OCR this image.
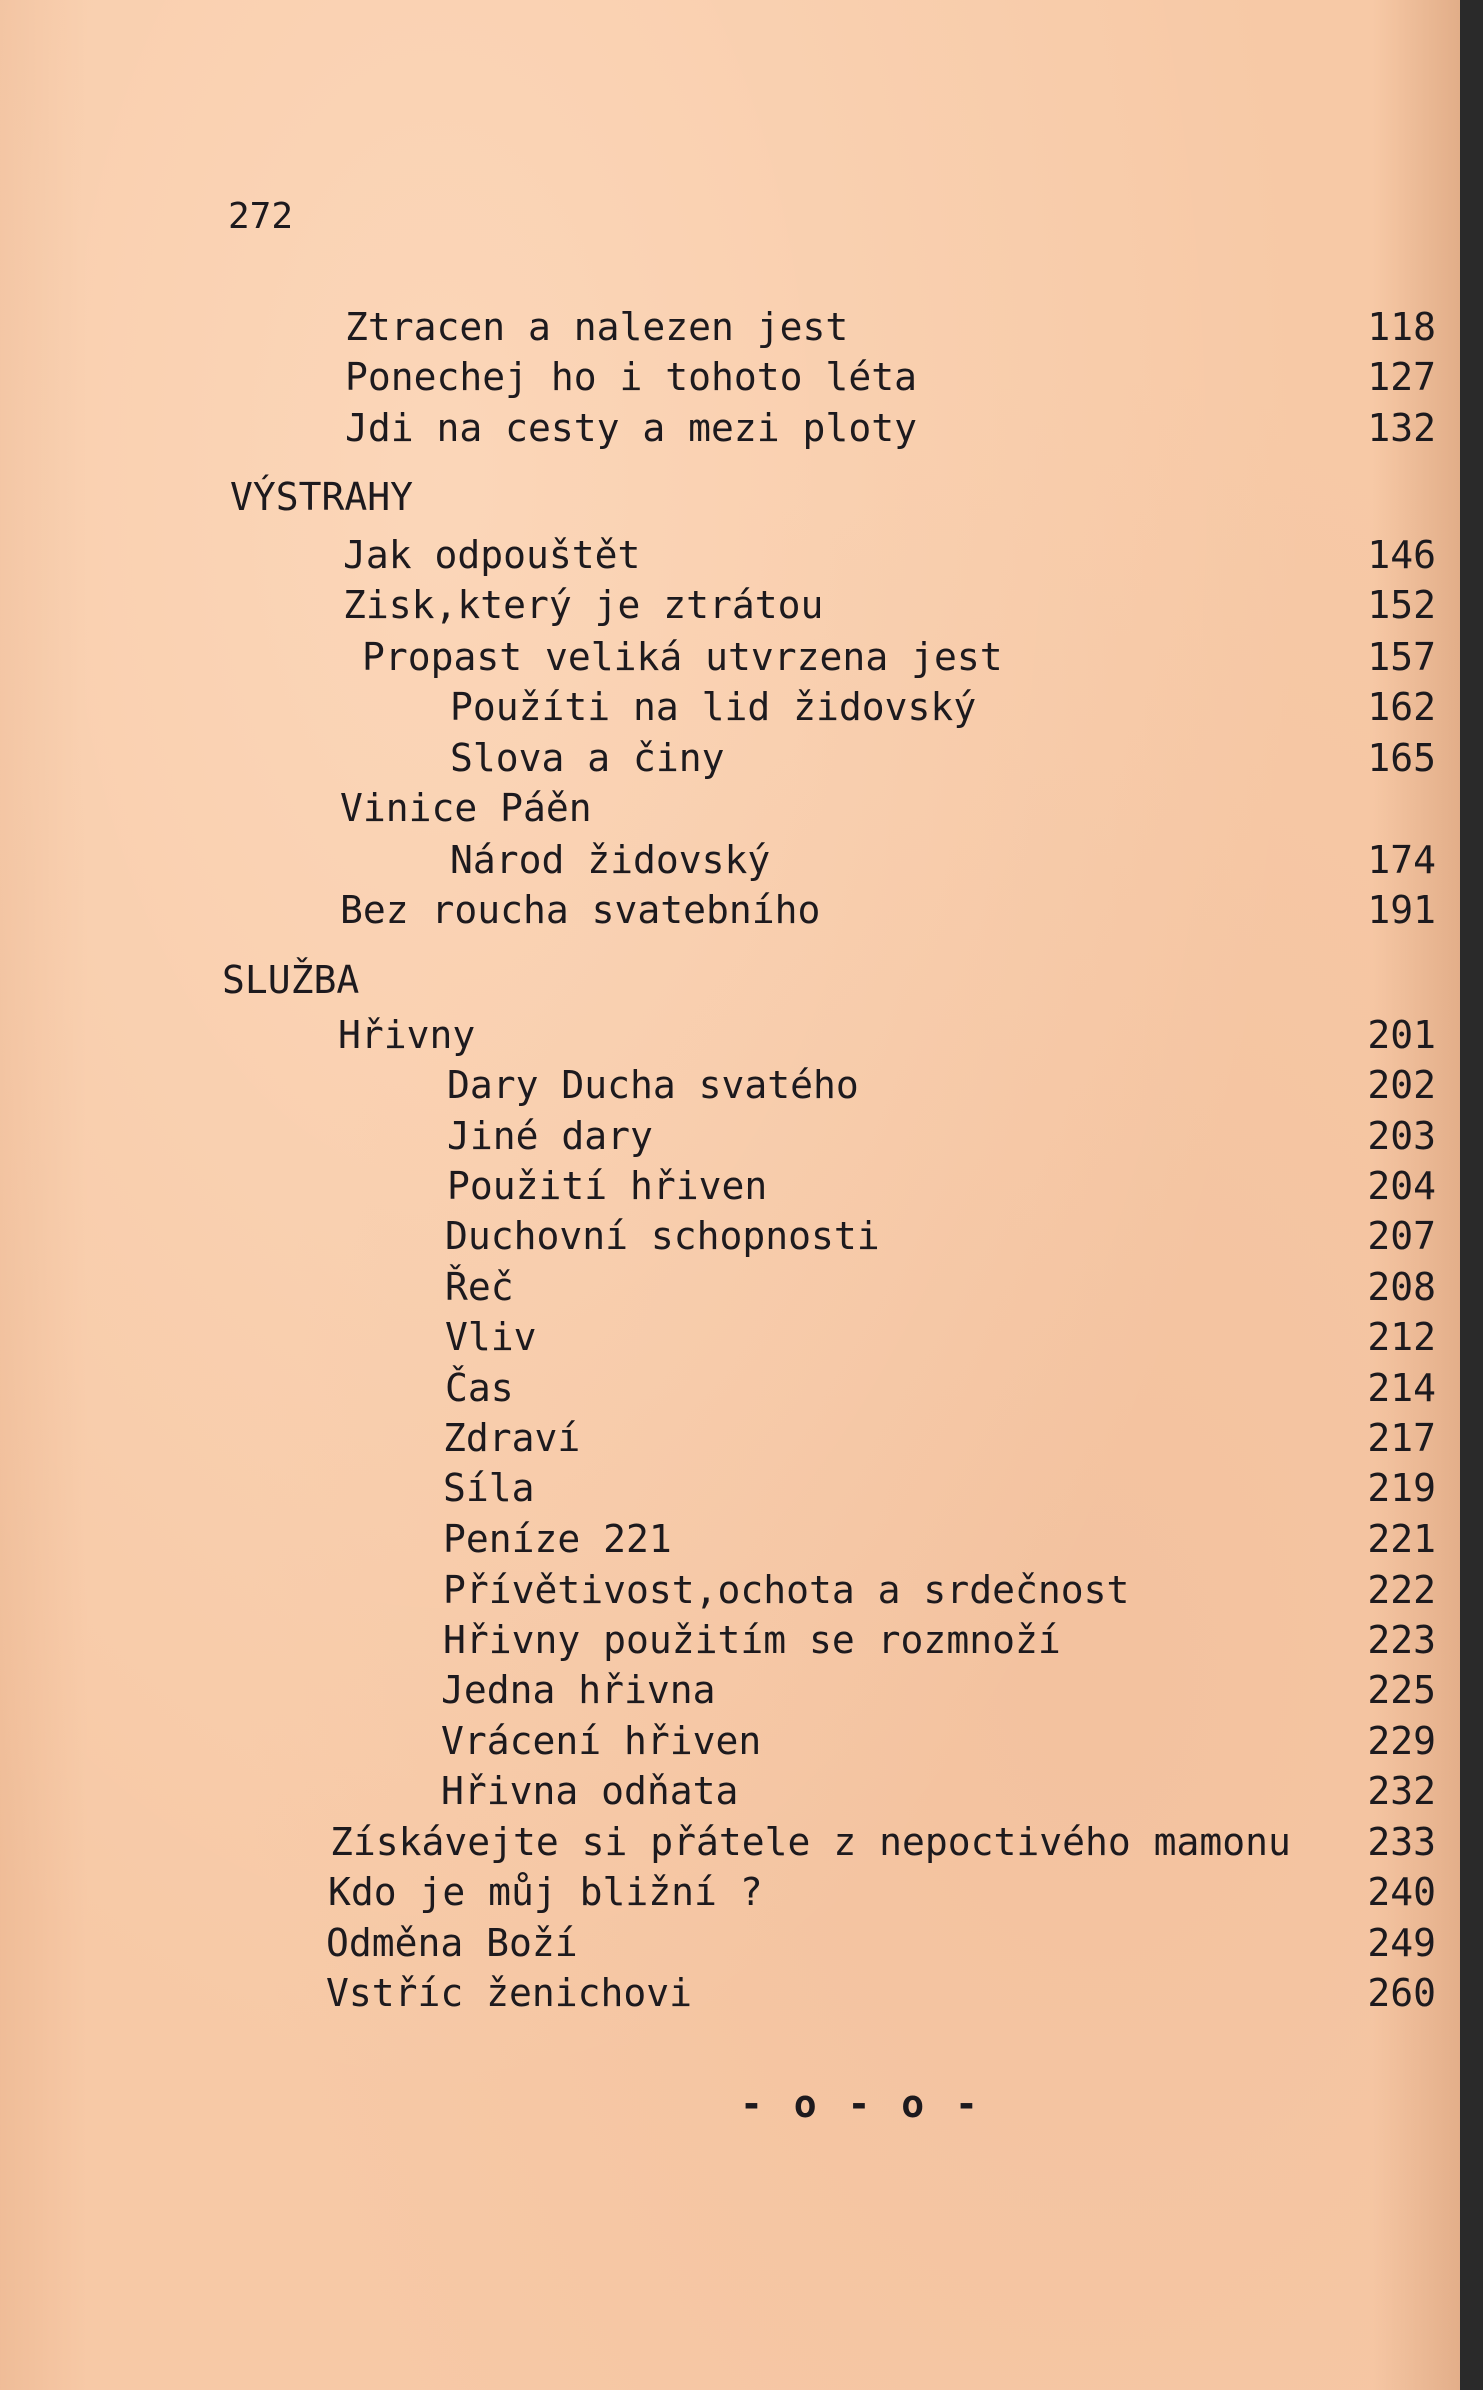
272
Ztracen a nalezen jest	118
Ponechej ho i tohoto léta	127
Jdi na cesty a mezi ploty	132
VÝSTRAHY
Jak odpouštět	146
Zisk,který je ztrátou	152
Propast veliká utvrzena jest	157
Použíti na lid židovský	162
Slova a činy	165
Vinice Páěn
Národ židovský	174
Bez roucha svatebního	191
SLUŽBA
Hřivny	201
Dary Ducha svatého	202
Jiné dary	203
Použití hřiven	204
Duchovní schopnosti	207
Řeč	208
Vliv	212
Čas	214
Zdraví	217
Síla	219
Peníze 221	221
Přívětivost,ochota a srdečnost	222
Hřivny použitím se rozmnoží	223
Jedna hřivna	225
Vrácení hřiven	229
Hřivna odňata	232
Získávejte si přátele z nepoctivého mamonu 233
Kdo je můj bližní ?	240
Odměna Boží	249
Vstříc ženichovi	260
- o - o -
